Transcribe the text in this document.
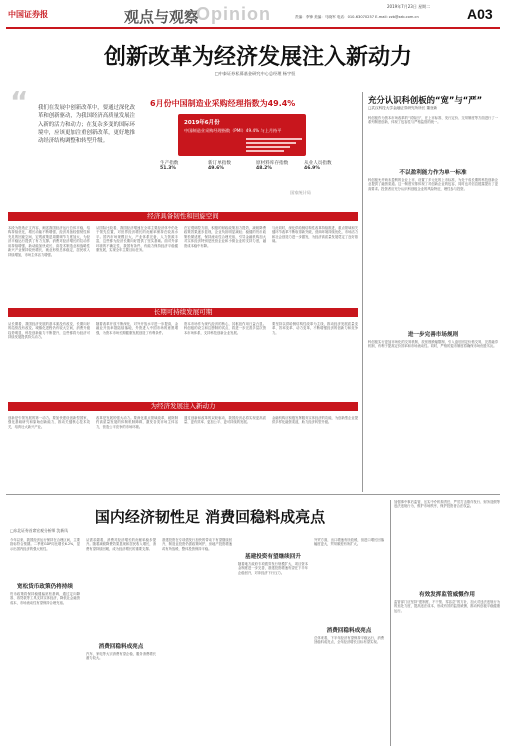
中国证券报	观点与观察
Opinion	2019年7月23日 星期二
责编：李锋 美编：马晓军 电话：010-63070257 E-mail: zzb@zzb.com.cn	A03
创新改革为经济发展注入新动力
□中泰证券私募基金研究中心总经理 杨宇恒
“ 我们在发展中创新改革中，要通过深化改革和创新驱动，为我国经济高质量发展注入新的活力和动力；在复杂多变的国际环境中，应该更加注重创新改革，更好地推动经济结构调整和转型升级。
6月份中国制造业采购经理指数为49.4%
2019年6月份
中国制造业采购经理指数（PMI）49.4% 与上月持平
生产指数
51.3%
新订单指数
49.6%
原材料库存指数
48.2%
从业人员指数
46.9%
国家统计局
经济具备韧性和回旋空间
本段为报纸正文内容，阐述我国经济运行总体平稳，结构持续优化，增长动能不断增强，经济具备较强韧性和充足的回旋空间，宏观政策逆周期调节力度加大，为经济平稳运行提供了有力支撑。消费对经济增长的拉动作用持续增强，新动能加快成长，高技术制造业和战略性新兴产业保持较快增长，就业形势总体稳定，居民收入持续增加，市场主体活力增强。
从国际比较看，我国经济增速在全球主要经济体中仍处于领先位置，对世界经济增长的贡献率保持在较高水平。国内市场规模巨大，产业体系完备，人力资源丰富，这些都为经济长期向好提供了坚实基础。面对外部环境的不确定性，我国有条件、有能力保持经济平稳健康发展，实现全年主要目标任务。
在宏观调控方面，积极的财政政策加力提效，减税降费政策效果逐步显现，企业负担明显减轻；稳健的货币政策松紧适度，保持流动性合理充裕，引导金融机构加大对实体经济特别是民营企业和小微企业的支持力度，融资成本稳中有降。
与此同时，深化供给侧结构性改革持续推进，重点领域和关键环节改革不断取得新突破，营商环境持续优化，市场活力和社会创造力进一步激发，为经济高质量发展奠定了良好基础。
长期可持续发展可期
从长期看，我国经济发展的基本面没有改变，长期向好的趋势没有改变。城镇化进程仍有较大空间，消费升级趋势明显，科技创新能力不断提升，这些都将为经济可持续发展提供持久动力。
随着改革开放不断深化，对外开放水平进一步提高，金融业开放举措陆续落地，外资进入中国市场的意愿增强，为资本市场长期健康发展创造了有利条件。
资本市场作为现代经济的核心，其枢纽作用日益凸显。科创板的设立和注册制的试点，将进一步完善多层次资本市场体系，支持科技创新企业发展。
要坚持以供给侧结构性改革为主线，推动经济发展质量变革、效率变革、动力变革，不断增强经济的创新力和竞争力。
为经济发展注入新动力
创新是引领发展的第一动力。要加快建设创新型国家，强化基础研究和原始创新能力，推动关键核心技术攻关，培育壮大新兴产业。
改革是发展的强大动力。要深化重点领域改革，破除制约高质量发展的体制机制障碍，激发各类市场主体活力，营造公平竞争的市场环境。
通过创新和改革的双轮驱动，我国经济必将实现更高质量、更有效率、更加公平、更可持续的发展。
金融机构应积极发挥服务实体经济的功能，为创新型企业提供多样化融资渠道，助力经济转型升级。
充分认识科创板的“宽”与“严”
□武汉科技大学金融证券研究所所长 董登新
科创板作为资本市场改革的“试验田”，在上市标准、发行定价、交易制度等方面进行了一系列制度创新，体现了包容性与严格监管的统一。
不以盈利能力作为单一标准
科创板允许尚未盈利的企业上市，设置了多元化的上市标准，为处于成长期的科技创新企业提供了融资渠道。这一制度安排体现了对创新企业的包容，同时也对信息披露提出了更高要求。投资者应充分认识科创板企业的风险特征，理性参与投资。
进一步完善市场规则
科创板实行更加市场化的交易机制，放宽涨跌幅限制，引入盘后固定价格交易，完善融券机制，有利于提高定价效率和市场流动性。同时，严格的退市制度将确保市场优胜劣汰。
国内经济韧性足 消费回稳料成亮点
□东北证券首席宏观分析师 沈新凤
今年以来，我国经济运行保持在合理区间，主要指标符合预期。二季度GDP同比增长6.2%，显示出国内经济的强大韧性。
宽松货币政策仍将持续
货币政策将保持稳健偏宽松基调，通过定向降准、再贷款等工具支持实体经济，降低社会融资成本，市场流动性有望保持合理充裕。
从需求端看，消费对经济增长的贡献率稳步提升。随着减税降费效果显现和居民收入增长，消费有望持续回暖，成为经济增长的重要支撑。
消费回稳料成亮点
汽车、家电等大宗消费有望企稳，服务消费增长潜力较大。
基建投资在专项债发行加快的带动下有望继续回升，制造业投资仍需政策呵护，房地产投资增速或有所放缓，整体投资保持平稳。
基建投资有望继续回升
随着地方政府专项债券发行规模扩大，项目资本金制度进一步完善，基建投资增速有望在下半年企稳回升，对冲经济下行压力。
消费回稳料成亮点
外贸方面，出口增速有所放缓，但进口增长回落幅度更大，贸易顺差有所扩大。
总体来看，下半年经济有望保持平稳运行，消费回稳料成亮点，全年经济增长目标有望实现。
加强事中事后监管，压实中介机构责任，严厉打击欺诈发行、财务造假等违法违规行为，维护市场秩序，保护投资者合法权益。
有效发挥监管威慑作用
监管部门应坚持“建制度、不干预、零容忍”的方针，加大对违法违规行为的惩处力度，提高违法成本，形成有效的监管威慑，推动科创板平稳健康运行。
